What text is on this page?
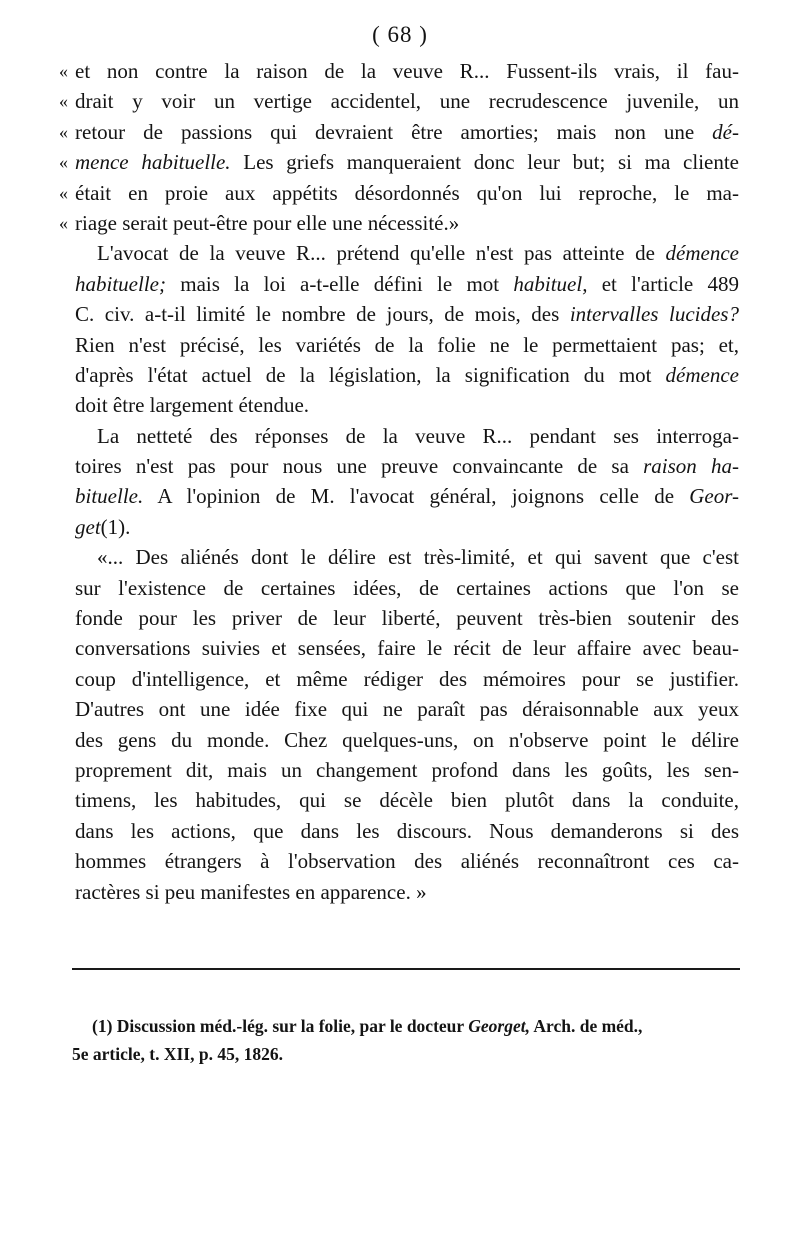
( 68 )
« et non contre la raison de la veuve R... Fussent-ils vrais, il fau-
« drait y voir un vertige accidentel, une recrudescence juvenile, un
« retour de passions qui devraient être amorties; mais non une dé-
« mence habituelle. Les griefs manqueraient donc leur but; si ma cliente
« était en proie aux appétits désordonnés qu'on lui reproche, le ma-
« riage serait peut-être pour elle une nécessité.»
L'avocat de la veuve R... prétend qu'elle n'est pas atteinte de démence
habituelle; mais la loi a-t-elle défini le mot habituel, et l'article 489
C. civ. a-t-il limité le nombre de jours, de mois, des intervalles lucides?
Rien n'est précisé, les variétés de la folie ne le permettaient pas; et,
d'après l'état actuel de la législation, la signification du mot démence
doit être largement étendue.
La netteté des réponses de la veuve R... pendant ses interroga-
toires n'est pas pour nous une preuve convaincante de sa raison ha-
bituelle. A l'opinion de M. l'avocat général, joignons celle de Geor-
get(1).
«... Des aliénés dont le délire est très-limité, et qui savent que c'est
sur l'existence de certaines idées, de certaines actions que l'on se
fonde pour les priver de leur liberté, peuvent très-bien soutenir des
conversations suivies et sensées, faire le récit de leur affaire avec beau-
coup d'intelligence, et même rédiger des mémoires pour se justifier.
D'autres ont une idée fixe qui ne paraît pas déraisonnable aux yeux
des gens du monde. Chez quelques-uns, on n'observe point le délire
proprement dit, mais un changement profond dans les goûts, les sen-
timens, les habitudes, qui se décèle bien plutôt dans la conduite,
dans les actions, que dans les discours. Nous demanderons si des
hommes étrangers à l'observation des aliénés reconnaîtront ces ca-
ractères si peu manifestes en apparence. »
(1) Discussion méd.-lég. sur la folie, par le docteur Georget, Arch. de méd.,
5e article, t. XII, p. 45, 1826.
